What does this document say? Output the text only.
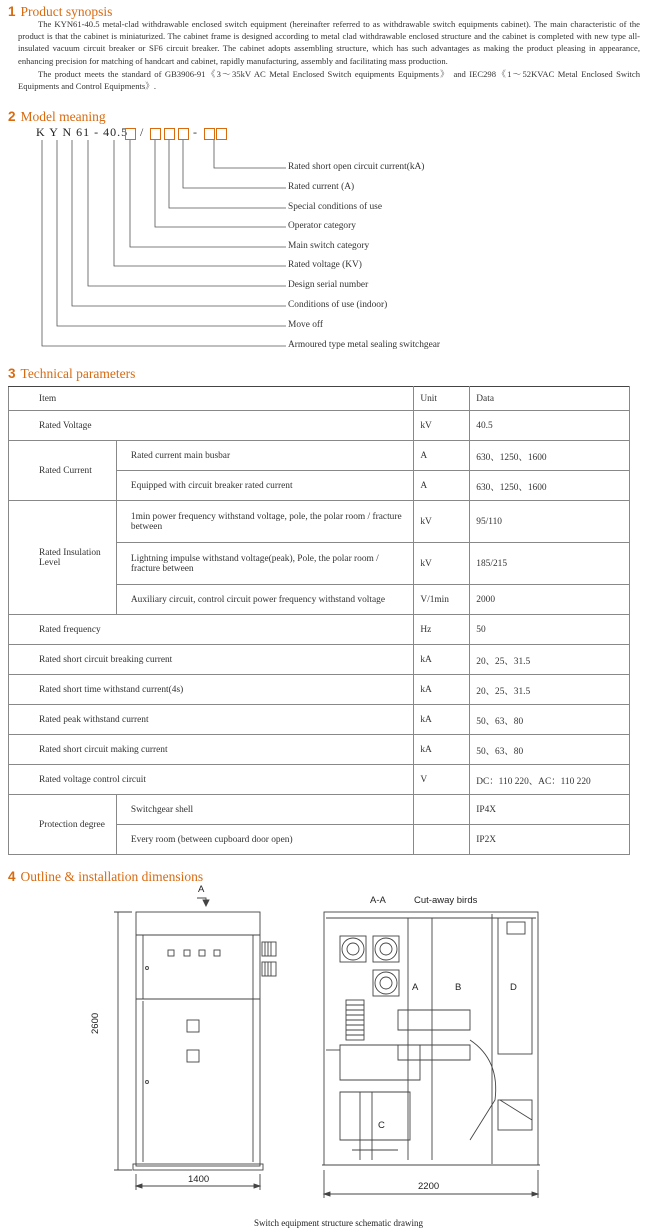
1 Product synopsis

The KYN61-40.5 metal-clad withdrawable enclosed switch equipment (hereinafter referred to as withdrawable switch equipments cabinet). The main characteristic of the product is that the cabinet is miniaturized. The cabinet frame is designed according to metal clad withdrawable enclosed structure and the cabinet is completed with new type all-insulated vacuum circuit breaker or SF6 circuit breaker. The cabinet adopts assembling structure, which has such advantages as making the product pleasing in appearance, enhancing precision for matching of handcart and cabinet, rapidly manufacturing, assembly and facilitating mass production.

The product meets the standard of GB3906-91《3～35kV AC Metal Enclosed Switch equipments Equipments》 and IEC298《1～52KVAC Metal Enclosed Switch Equipments and Control Equipments》.

2 Model meaning
K Y N 61 - 40.5 /	-
Rated short open circuit current(kA)
Rated current (A)
Special conditions of use
Operator category
Main switch category
Rated voltage (KV)
Design serial number
Conditions of use (indoor)
Move off
Armoured type metal sealing switchgear
3 Technical parameters
Item		Unit	Data
Rated Voltage		kV	40.5
Rated Current	Rated current main busbar	A	630、1250、1600
	Equipped with circuit breaker rated current	A	630、1250、1600
Rated Insulation Level	1min power frequency withstand voltage, pole, the polar room / fracture between	kV	95/110
	Lightning impulse withstand voltage(peak), Pole, the polar room / fracture between	kV	185/215
	Auxiliary circuit, control circuit power frequency withstand voltage	V/1min	2000
Rated frequency		Hz	50
Rated short circuit breaking current		kA	20、25、31.5
Rated short time withstand current(4s)		kA	20、25、31.5
Rated peak withstand current		kA	50、63、80
Rated short circuit making current		kA	50、63、80
Rated voltage control circuit		V	DC：110 220、AC：110 220
Protection degree	Switchgear shell		IP4X
	Every room (between cupboard door open)		IP2X
4 Outline & installation dimensions
A
2600
1400
A-A	Cut-away birds
A	B
C
D
2200
Switch equipment structure schematic drawing
